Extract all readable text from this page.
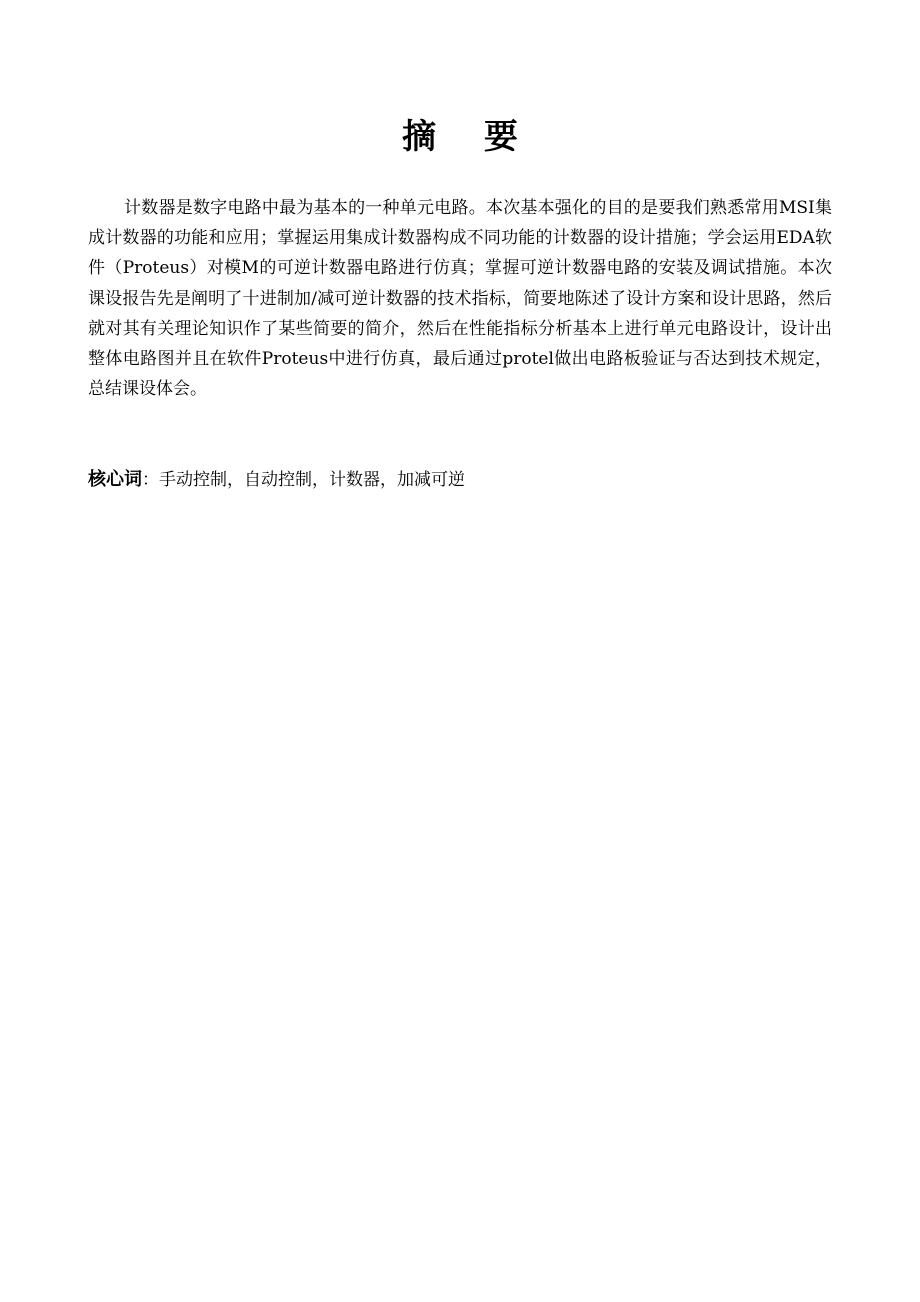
摘 要

计数器是数字电路中最为基本的一种单元电路。本次基本强化的目的是要我们熟悉常用MSI集成计数器的功能和应用；掌握运用集成计数器构成不同功能的计数器的设计措施；学会运用EDA软件（Proteus）对模M的可逆计数器电路进行仿真；掌握可逆计数器电路的安装及调试措施。本次课设报告先是阐明了十进制加/减可逆计数器的技术指标，简要地陈述了设计方案和设计思路，然后就对其有关理论知识作了某些简要的简介，然后在性能指标分析基本上进行单元电路设计，设计出整体电路图并且在软件Proteus中进行仿真，最后通过protel做出电路板验证与否达到技术规定，总结课设体会。

核心词：手动控制，自动控制，计数器，加减可逆
